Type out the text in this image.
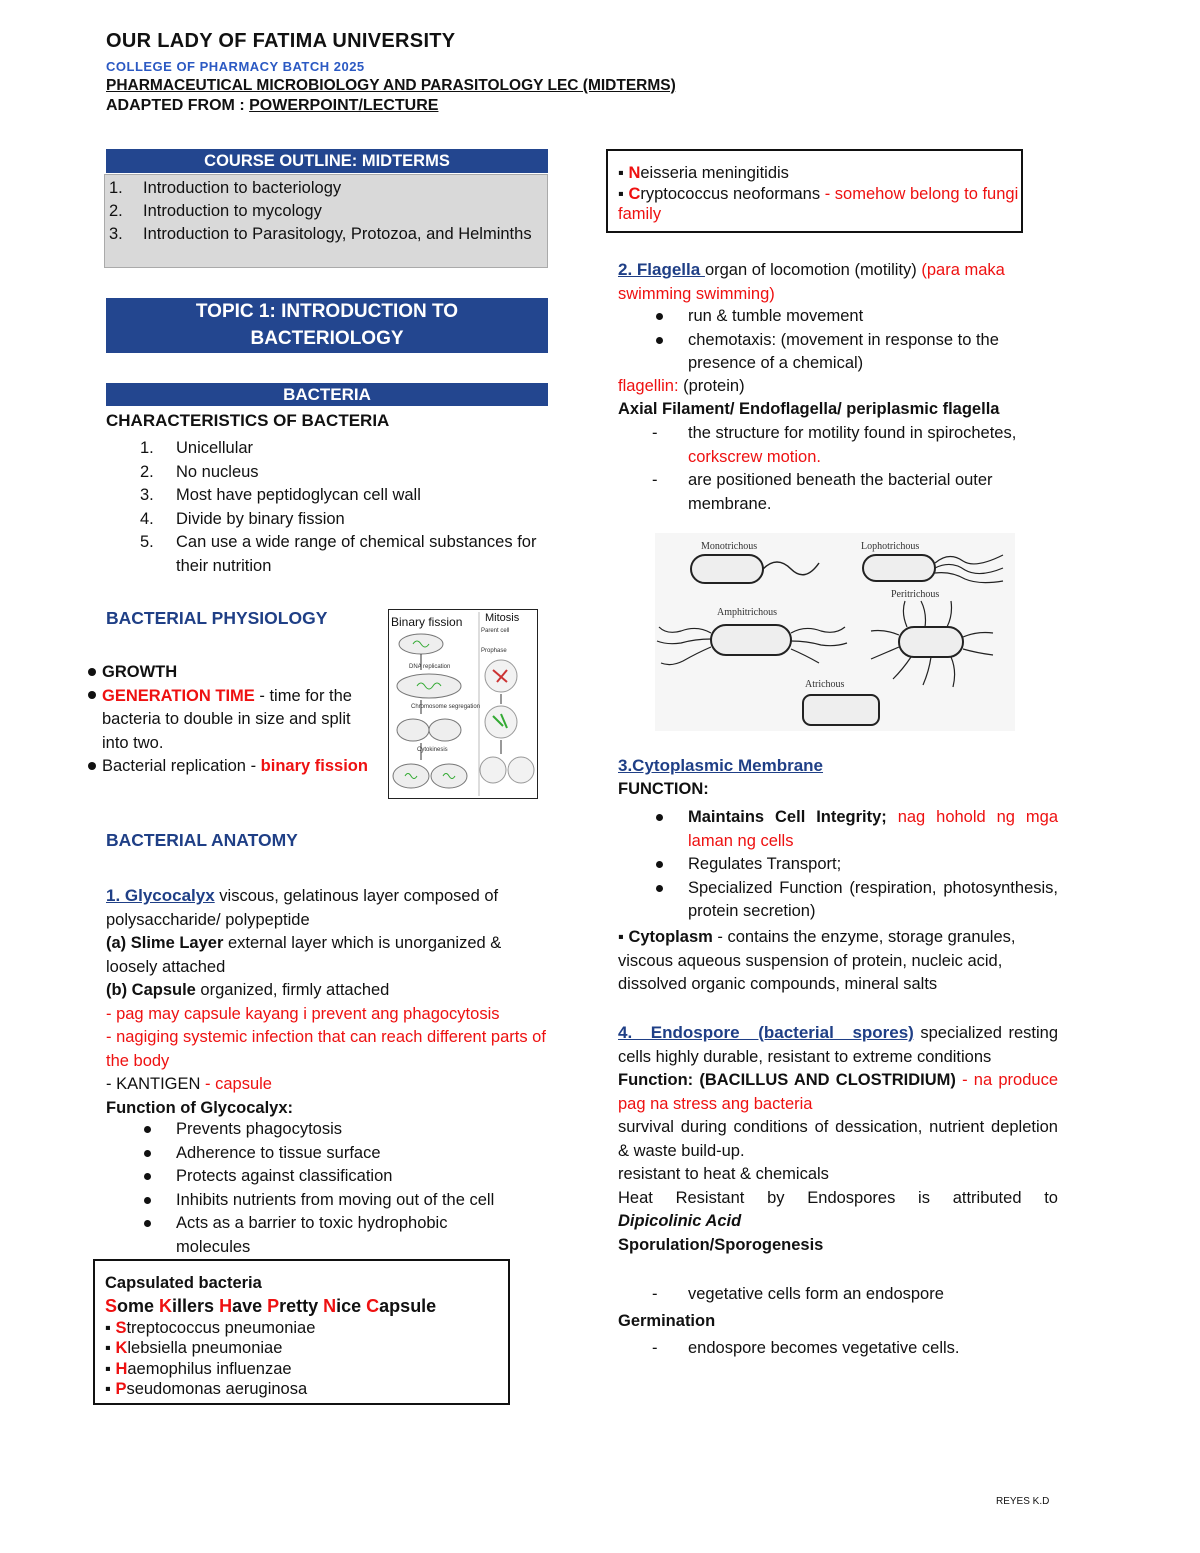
OUR LADY OF FATIMA UNIVERSITY
COLLEGE OF PHARMACY BATCH 2025
PHARMACEUTICAL MICROBIOLOGY AND PARASITOLOGY LEC (MIDTERMS)
ADAPTED FROM : POWERPOINT/LECTURE
COURSE OUTLINE: MIDTERMS
1.	Introduction to bacteriology
2.	Introduction to mycology
3.	Introduction to Parasitology, Protozoa, and Helminths
TOPIC 1: INTRODUCTION TO
BACTERIOLOGY
BACTERIA
CHARACTERISTICS OF BACTERIA
1.	Unicellular
2.	No nucleus
3.	Most have peptidoglycan cell wall
4.	Divide by binary fission
5.	Can use a wide range of chemical substances for their nutrition
BACTERIAL PHYSIOLOGY
GROWTH
GENERATION TIME - time for the bacteria to double in size and split into two.
Bacterial replication - binary fission
Binary fission Mitosis
DNA replication
Chromosome segregation
Cytokinesis
Parent cell
Prophase
BACTERIAL ANATOMY

1. Glycocalyx viscous, gelatinous layer composed of polysaccharide/ polypeptide

(a) Slime Layer external layer which is unorganized & loosely attached

(b) Capsule organized, firmly attached

- pag may capsule kayang i prevent ang phagocytosis

- nagiging systemic infection that can reach different parts of the body

- KANTIGEN - capsule

Function of Glycocalyx:

Prevents phagocytosis
Adherence to tissue surface
Protects against classification
Inhibits nutrients from moving out of the cell
Acts as a barrier to toxic hydrophobic molecules
Capsulated bacteria
Some Killers Have Pretty Nice Capsule
▪ Streptococcus pneumoniae
▪ Klebsiella pneumoniae
▪ Haemophilus influenzae
▪ Pseudomonas aeruginosa
▪ Neisseria meningitidis
▪ Cryptococcus neoformans - somehow belong to fungi family

2. Flagella organ of locomotion (motility) (para maka swimming swimming)

run & tumble movement
chemotaxis: (movement in response to the presence of a chemical)
flagellin: (protein)
Axial Filament/ Endoflagella/ periplasmic flagella
-	the structure for motility found in spirochetes,
corkscrew motion.
-	are positioned beneath the bacterial outer membrane.
Monotrichous	Lophotrichous
Amphitrichous
Peritrichous
Atrichous

3.Cytoplasmic Membrane

FUNCTION:

Maintains Cell Integrity; nag hohold ng mga laman ng cells
Regulates Transport;
Specialized Function (respiration, photosynthesis, protein secretion)
▪ Cytoplasm - contains the enzyme, storage granules, viscous aqueous suspension of protein, nucleic acid, dissolved organic compounds, mineral salts

4. Endospore (bacterial spores) specialized resting cells highly durable, resistant to extreme conditions

Function: (BACILLUS AND CLOSTRIDIUM) - na produce pag na stress ang bacteria

survival during conditions of dessication, nutrient depletion & waste build-up.

resistant to heat & chemicals

Heat Resistant by Endospores is attributed to

Dipicolinic Acid

Sporulation/Sporogenesis

-	vegetative cells form an endospore
Germination
-	endospore becomes vegetative cells.
REYES K.D
